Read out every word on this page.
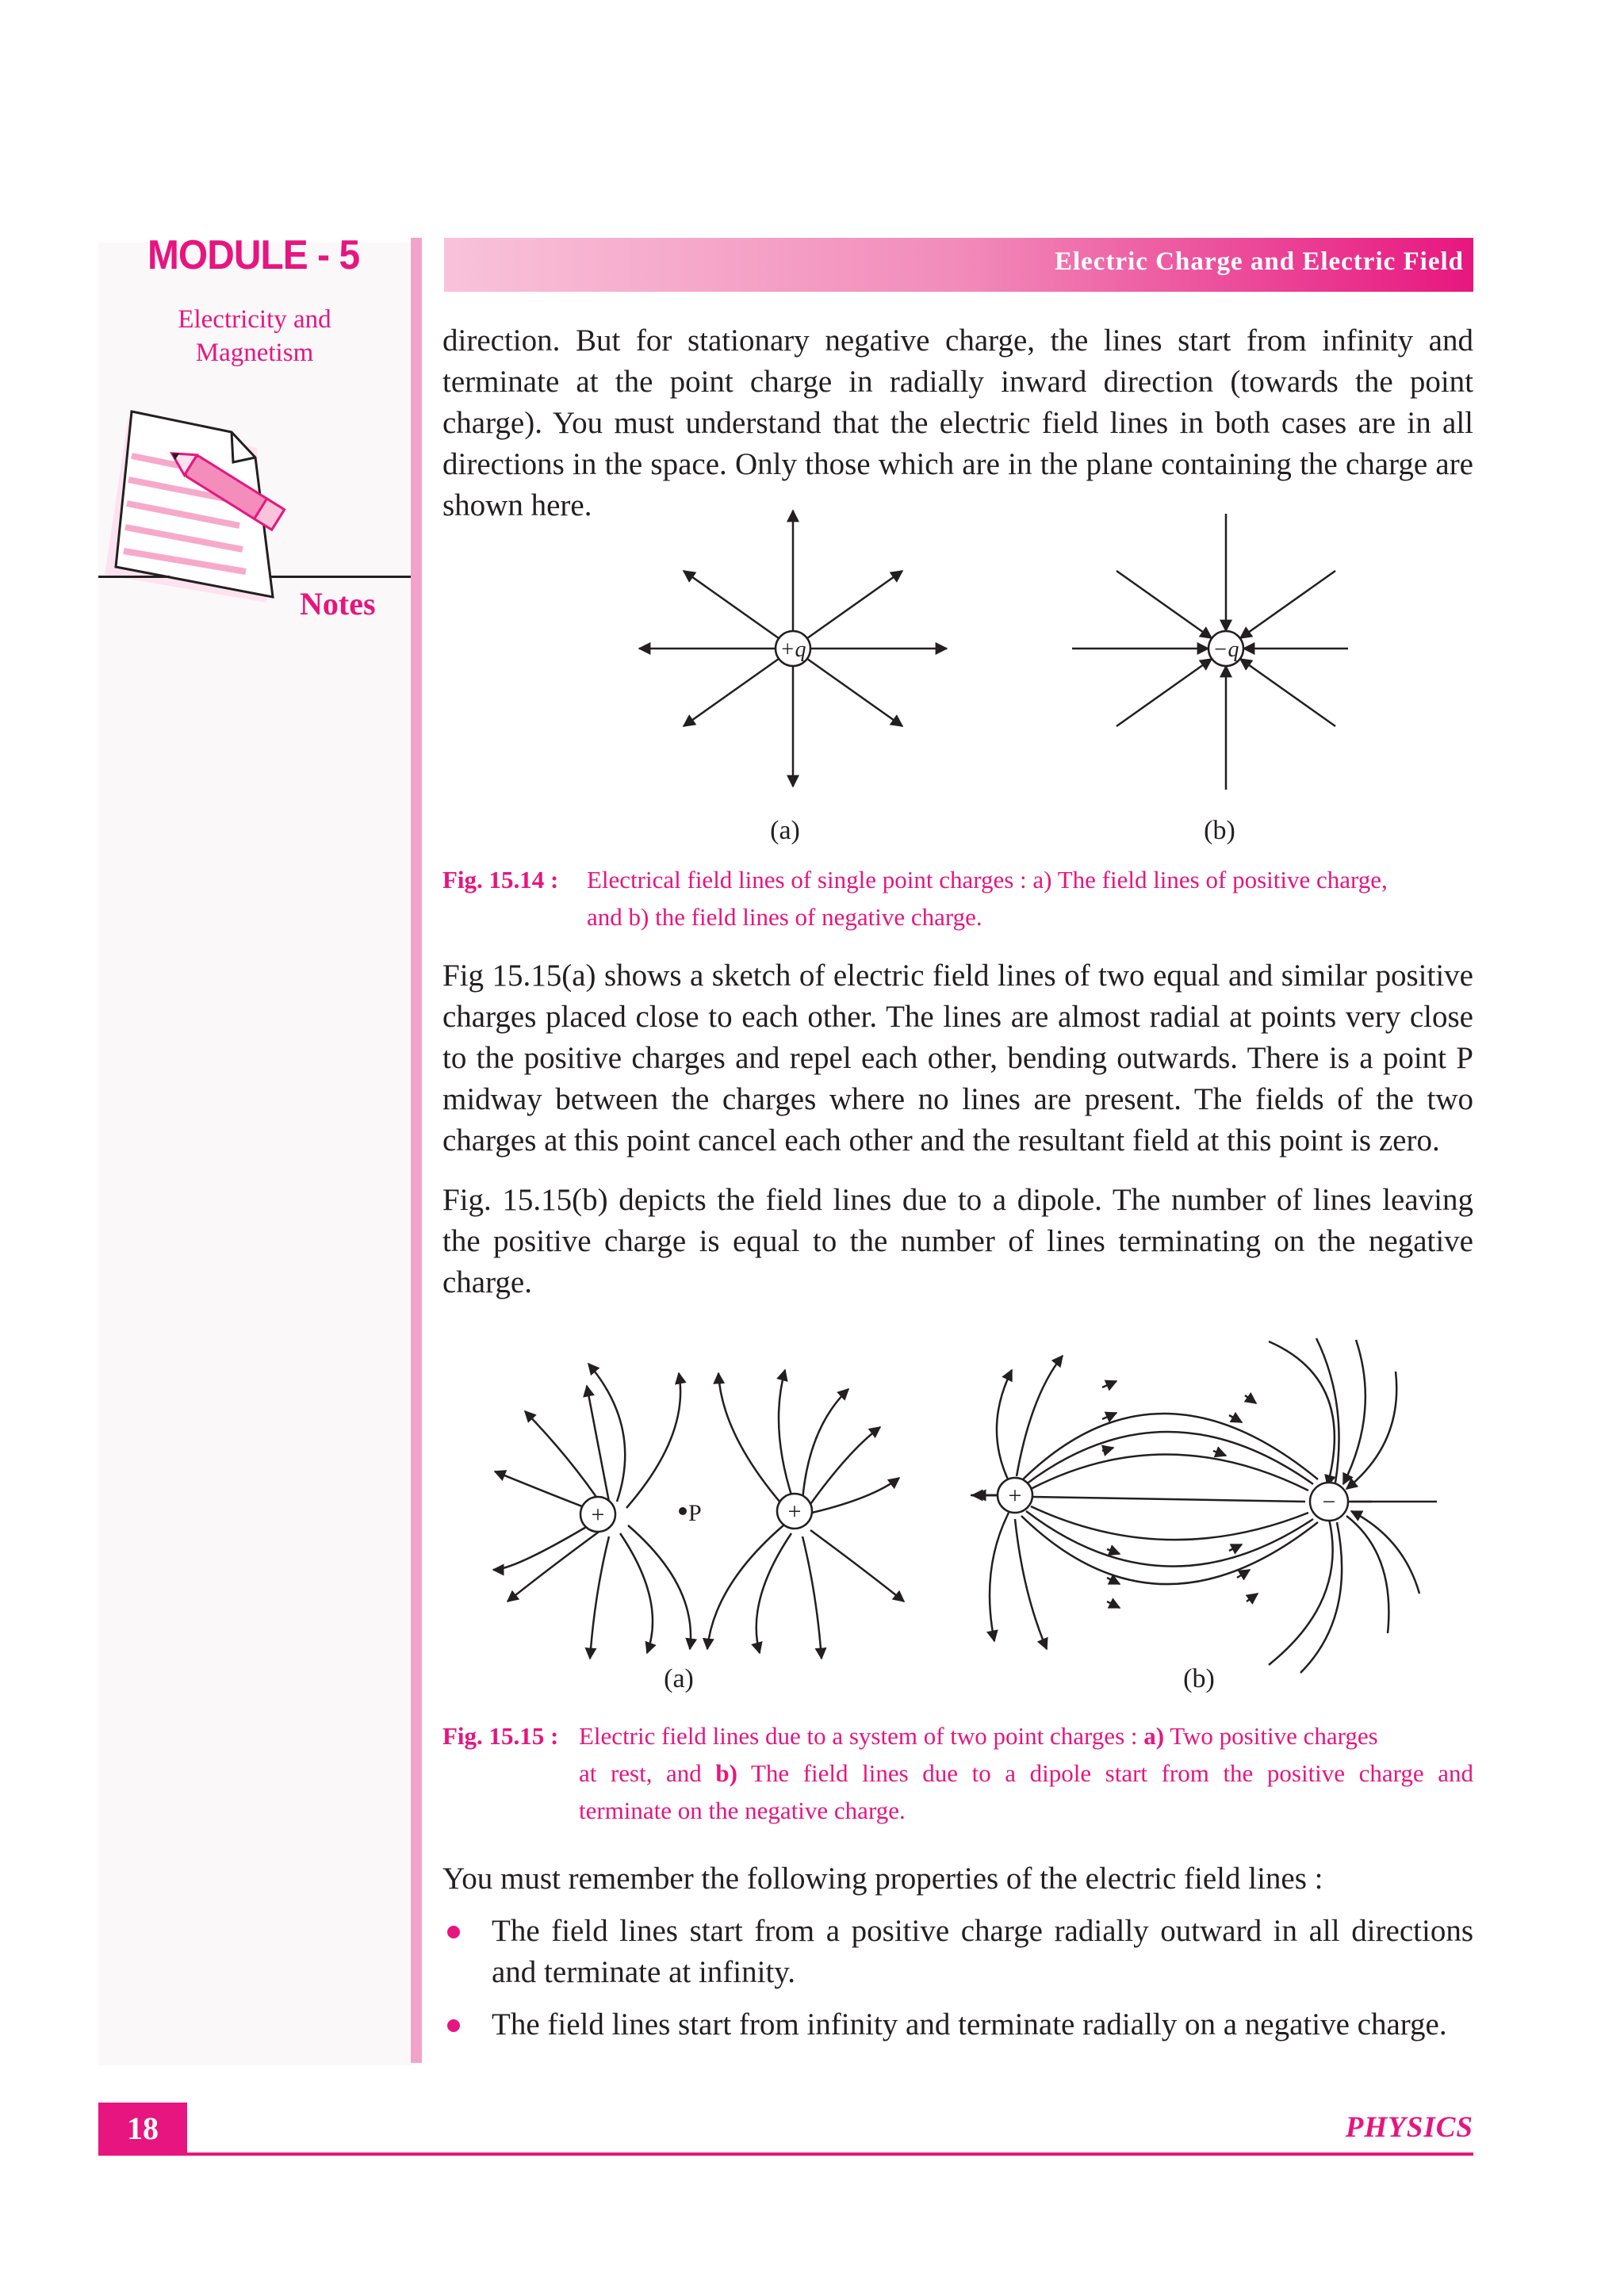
MODULE - 5
Electricity and
Magnetism
Notes
Electric Charge and Electric Field
direction. But for stationary negative charge, the lines start from infinity and terminate at the point charge in radially inward direction (towards the point charge). You must understand that the electric field lines in both cases are in all directions in the space. Only those which are in the plane containing the charge are shown here.
+q	−q
(a)	(b)
Fig. 15.14 : Electrical field lines of single point charges : a) The field lines of positive charge,
and b) the field lines of negative charge.
Fig 15.15(a) shows a sketch of electric field lines of two equal and similar positive charges placed close to each other. The lines are almost radial at points very close to the positive charges and repel each other, bending outwards. There is a point P midway between the charges where no lines are present. The fields of the two charges at this point cancel each other and the resultant field at this point is zero.
Fig. 15.15(b) depicts the field lines due to a dipole. The number of lines leaving the positive charge is equal to the number of lines terminating on the negative charge.
+	+
P
+	−
(a)	(b)
Fig. 15.15 : Electric field lines due to a system of two point charges : a) Two positive charges
at rest, and b) The field lines due to a dipole start from the positive charge and
terminate on the negative charge.
You must remember the following properties of the electric field lines :
The field lines start from a positive charge radially outward in all directions and terminate at infinity.
The field lines start from infinity and terminate radially on a negative charge.
18	PHYSICS
